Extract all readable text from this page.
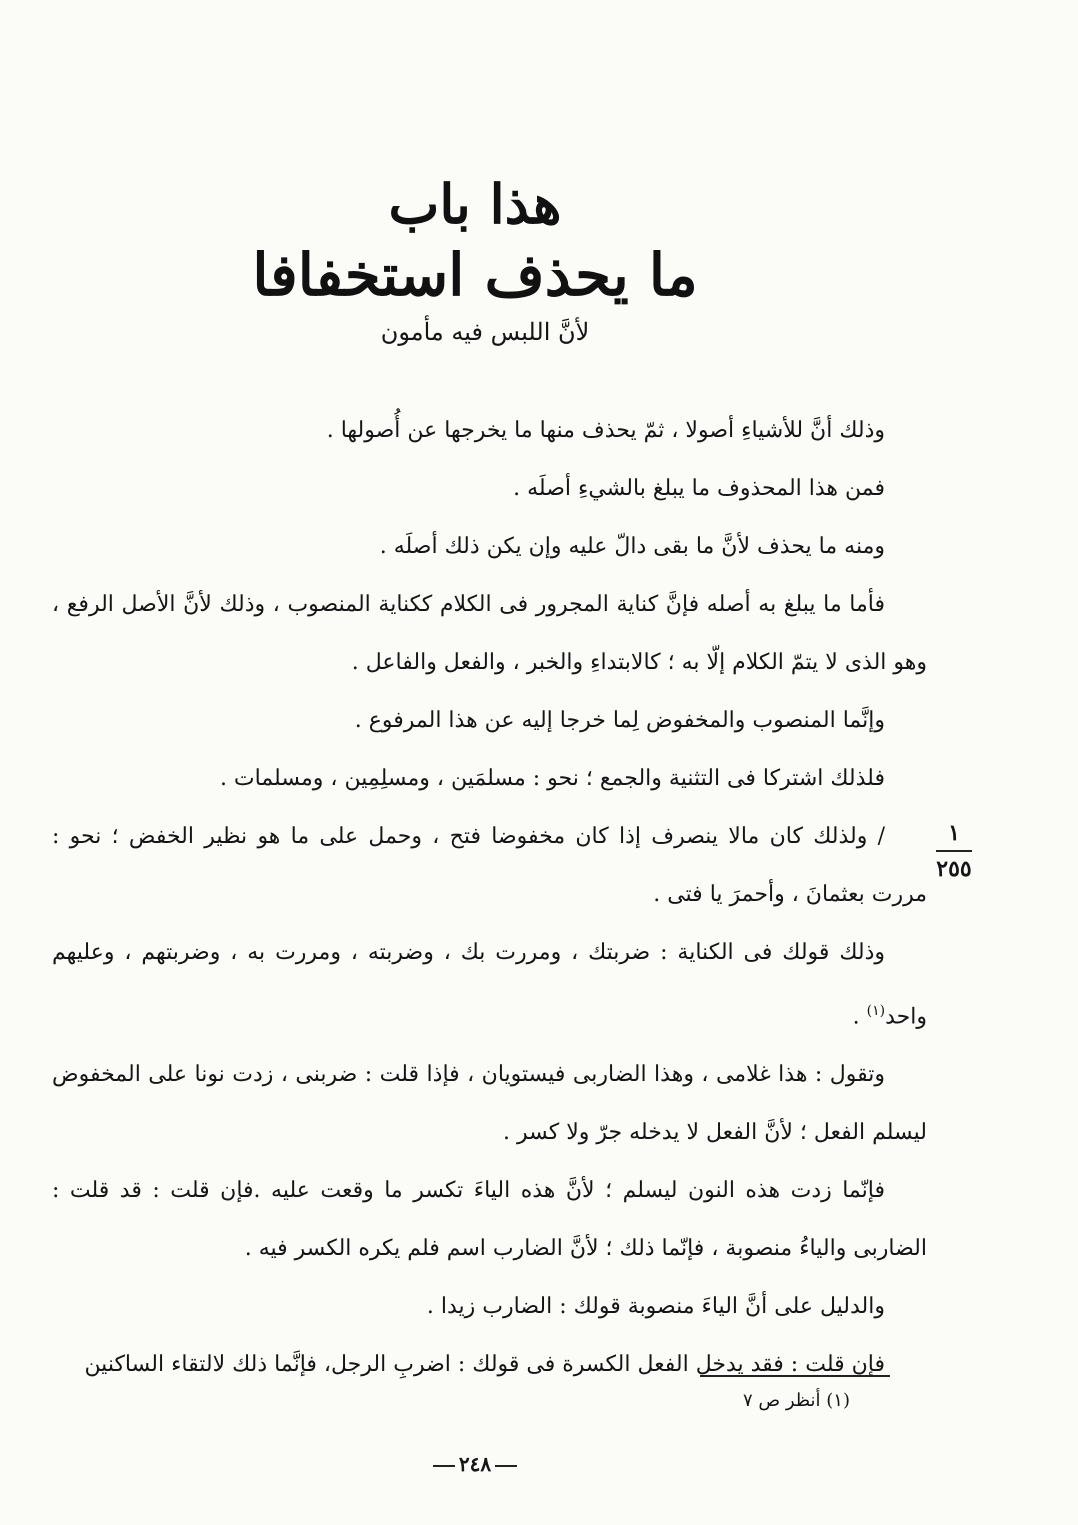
هذا باب
ما يحذف استخفافا
لأنَّ اللبس فيه مأمون

وذلك أنَّ للأشياءِ أصولا ، ثمّ يحذف منها ما يخرجها عن أُصولها .

فمن هذا المحذوف ما يبلغ بالشيءِ أصلَه .

ومنه ما يحذف لأنَّ ما بقى دالّ عليه وإن يكن ذلك أصلَه .

فأما ما يبلغ به أصله فإنَّ كناية المجرور فى الكلام ككناية المنصوب ، وذلك لأنَّ الأصل الرفع ، وهو الذى لا يتمّ الكلام إلّا به ؛ كالابتداءِ والخبر ، والفعل والفاعل .

وإنَّما المنصوب والمخفوض لِما خرجا إليه عن هذا المرفوع .

فلذلك اشتركا فى التثنية والجمع ؛ نحو : مسلمَين ، ومسلِمِين ، ومسلمات .

/ ولذلك كان مالا ينصرف إذا كان مخفوضا فتح ، وحمل على ما هو نظير الخفض ؛ نحو : مررت بعثمانَ ، وأحمرَ يا فتى .

وذلك قولك فى الكناية : ضربتك ، ومررت بك ، وضربته ، ومررت به ، وضربتهم ، وعليهم واحد$^{(١)}$ .

وتقول : هذا غلامى ، وهذا الضاربى فيستويان ، فإذا قلت : ضربنى ، زدت نونا على المخفوض ليسلم الفعل ؛ لأنَّ الفعل لا يدخله جرّ ولا كسر .

فإنّما زدت هذه النون ليسلم ؛ لأنَّ هذه الياءَ تكسر ما وقعت عليه .فإن قلت : قد قلت : الضاربى والياءُ منصوبة ، فإنّما ذلك ؛ لأنَّ الضارب اسم فلم يكره الكسر فيه .

والدليل على أنَّ الياءَ منصوبة قولك : الضارب زيدا .

فإن قلت : فقد يدخل الفعل الكسرة فى قولك : اضربِ الرجل، فإنَّما ذلك لالتقاء الساكنين

١
٢٥٥
(١) أنظر ص ٧
٢٤٨
